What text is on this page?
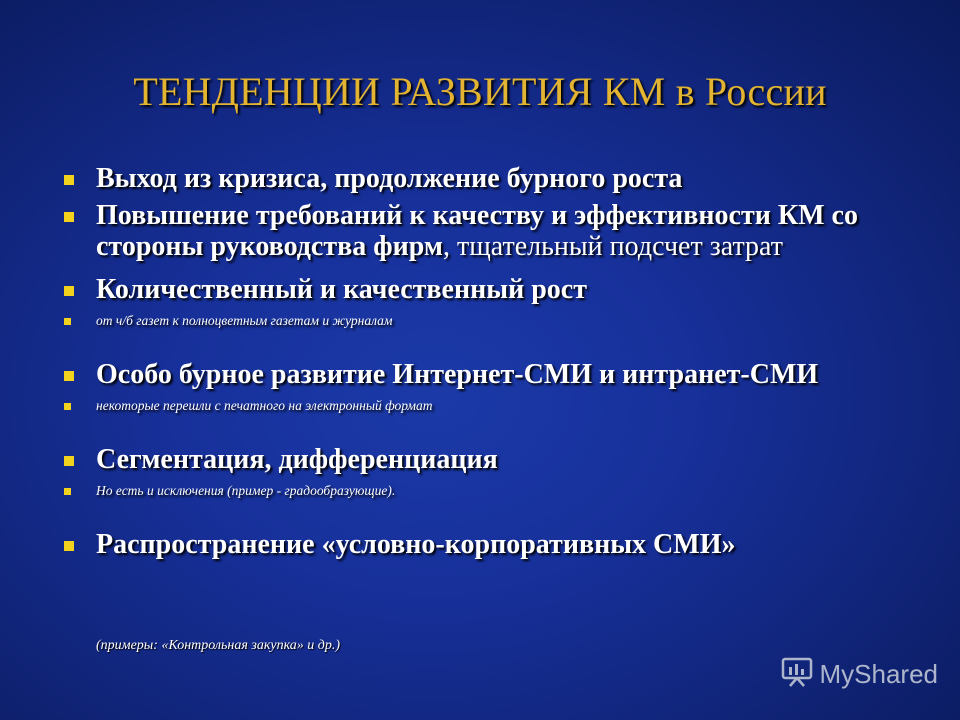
ТЕНДЕНЦИИ РАЗВИТИЯ КМ в России
Выход из кризиса, продолжение бурного роста
Повышение требований к качеству и эффективности КМ со стороны руководства фирм, тщательный подсчет затрат
Количественный и качественный рост
от ч/б газет к полноцветным газетам и журналам
Особо бурное развитие Интернет-СМИ и интранет-СМИ
некоторые перешли с печатного на электронный формат
Сегментация, дифференциация
Но есть и исключения (пример - градообразующие).
Распространение «условно-корпоративных СМИ»
(примеры: «Контрольная закупка» и др.)
MyShared
